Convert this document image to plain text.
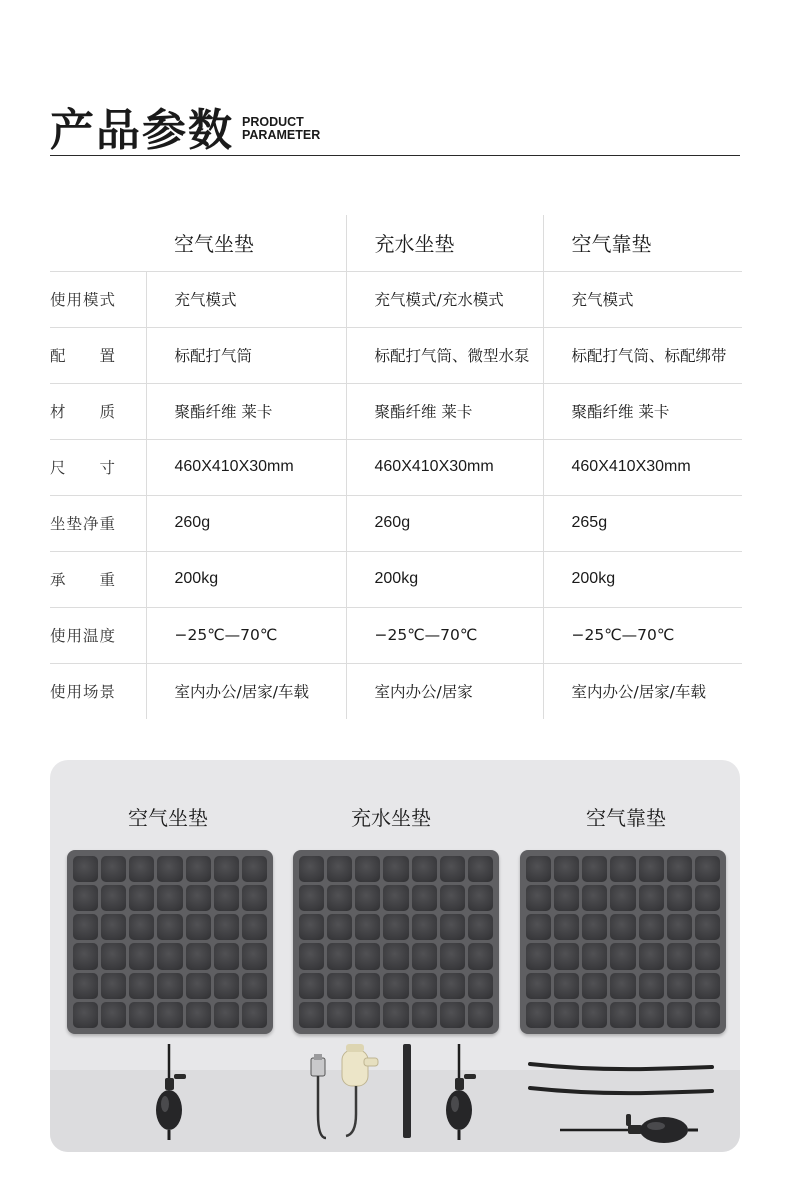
产品参数 PRODUCT
PARAMETER
	空气坐垫	充水坐垫	空气靠垫
使用模式	充气模式	充气模式/充水模式	充气模式
配　　置	标配打气筒	标配打气筒、微型水泵	标配打气筒、标配绑带
材　　质	聚酯纤维 莱卡	聚酯纤维 莱卡	聚酯纤维 莱卡
尺　　寸	460X410X30mm	460X410X30mm	460X410X30mm
坐垫净重	260g	260g	265g
承　　重	200kg	200kg	200kg
使用温度	−25℃—70℃	−25℃—70℃	−25℃—70℃
使用场景	室内办公/居家/车载	室内办公/居家	室内办公/居家/车载
空气坐垫	充水坐垫	空气靠垫
